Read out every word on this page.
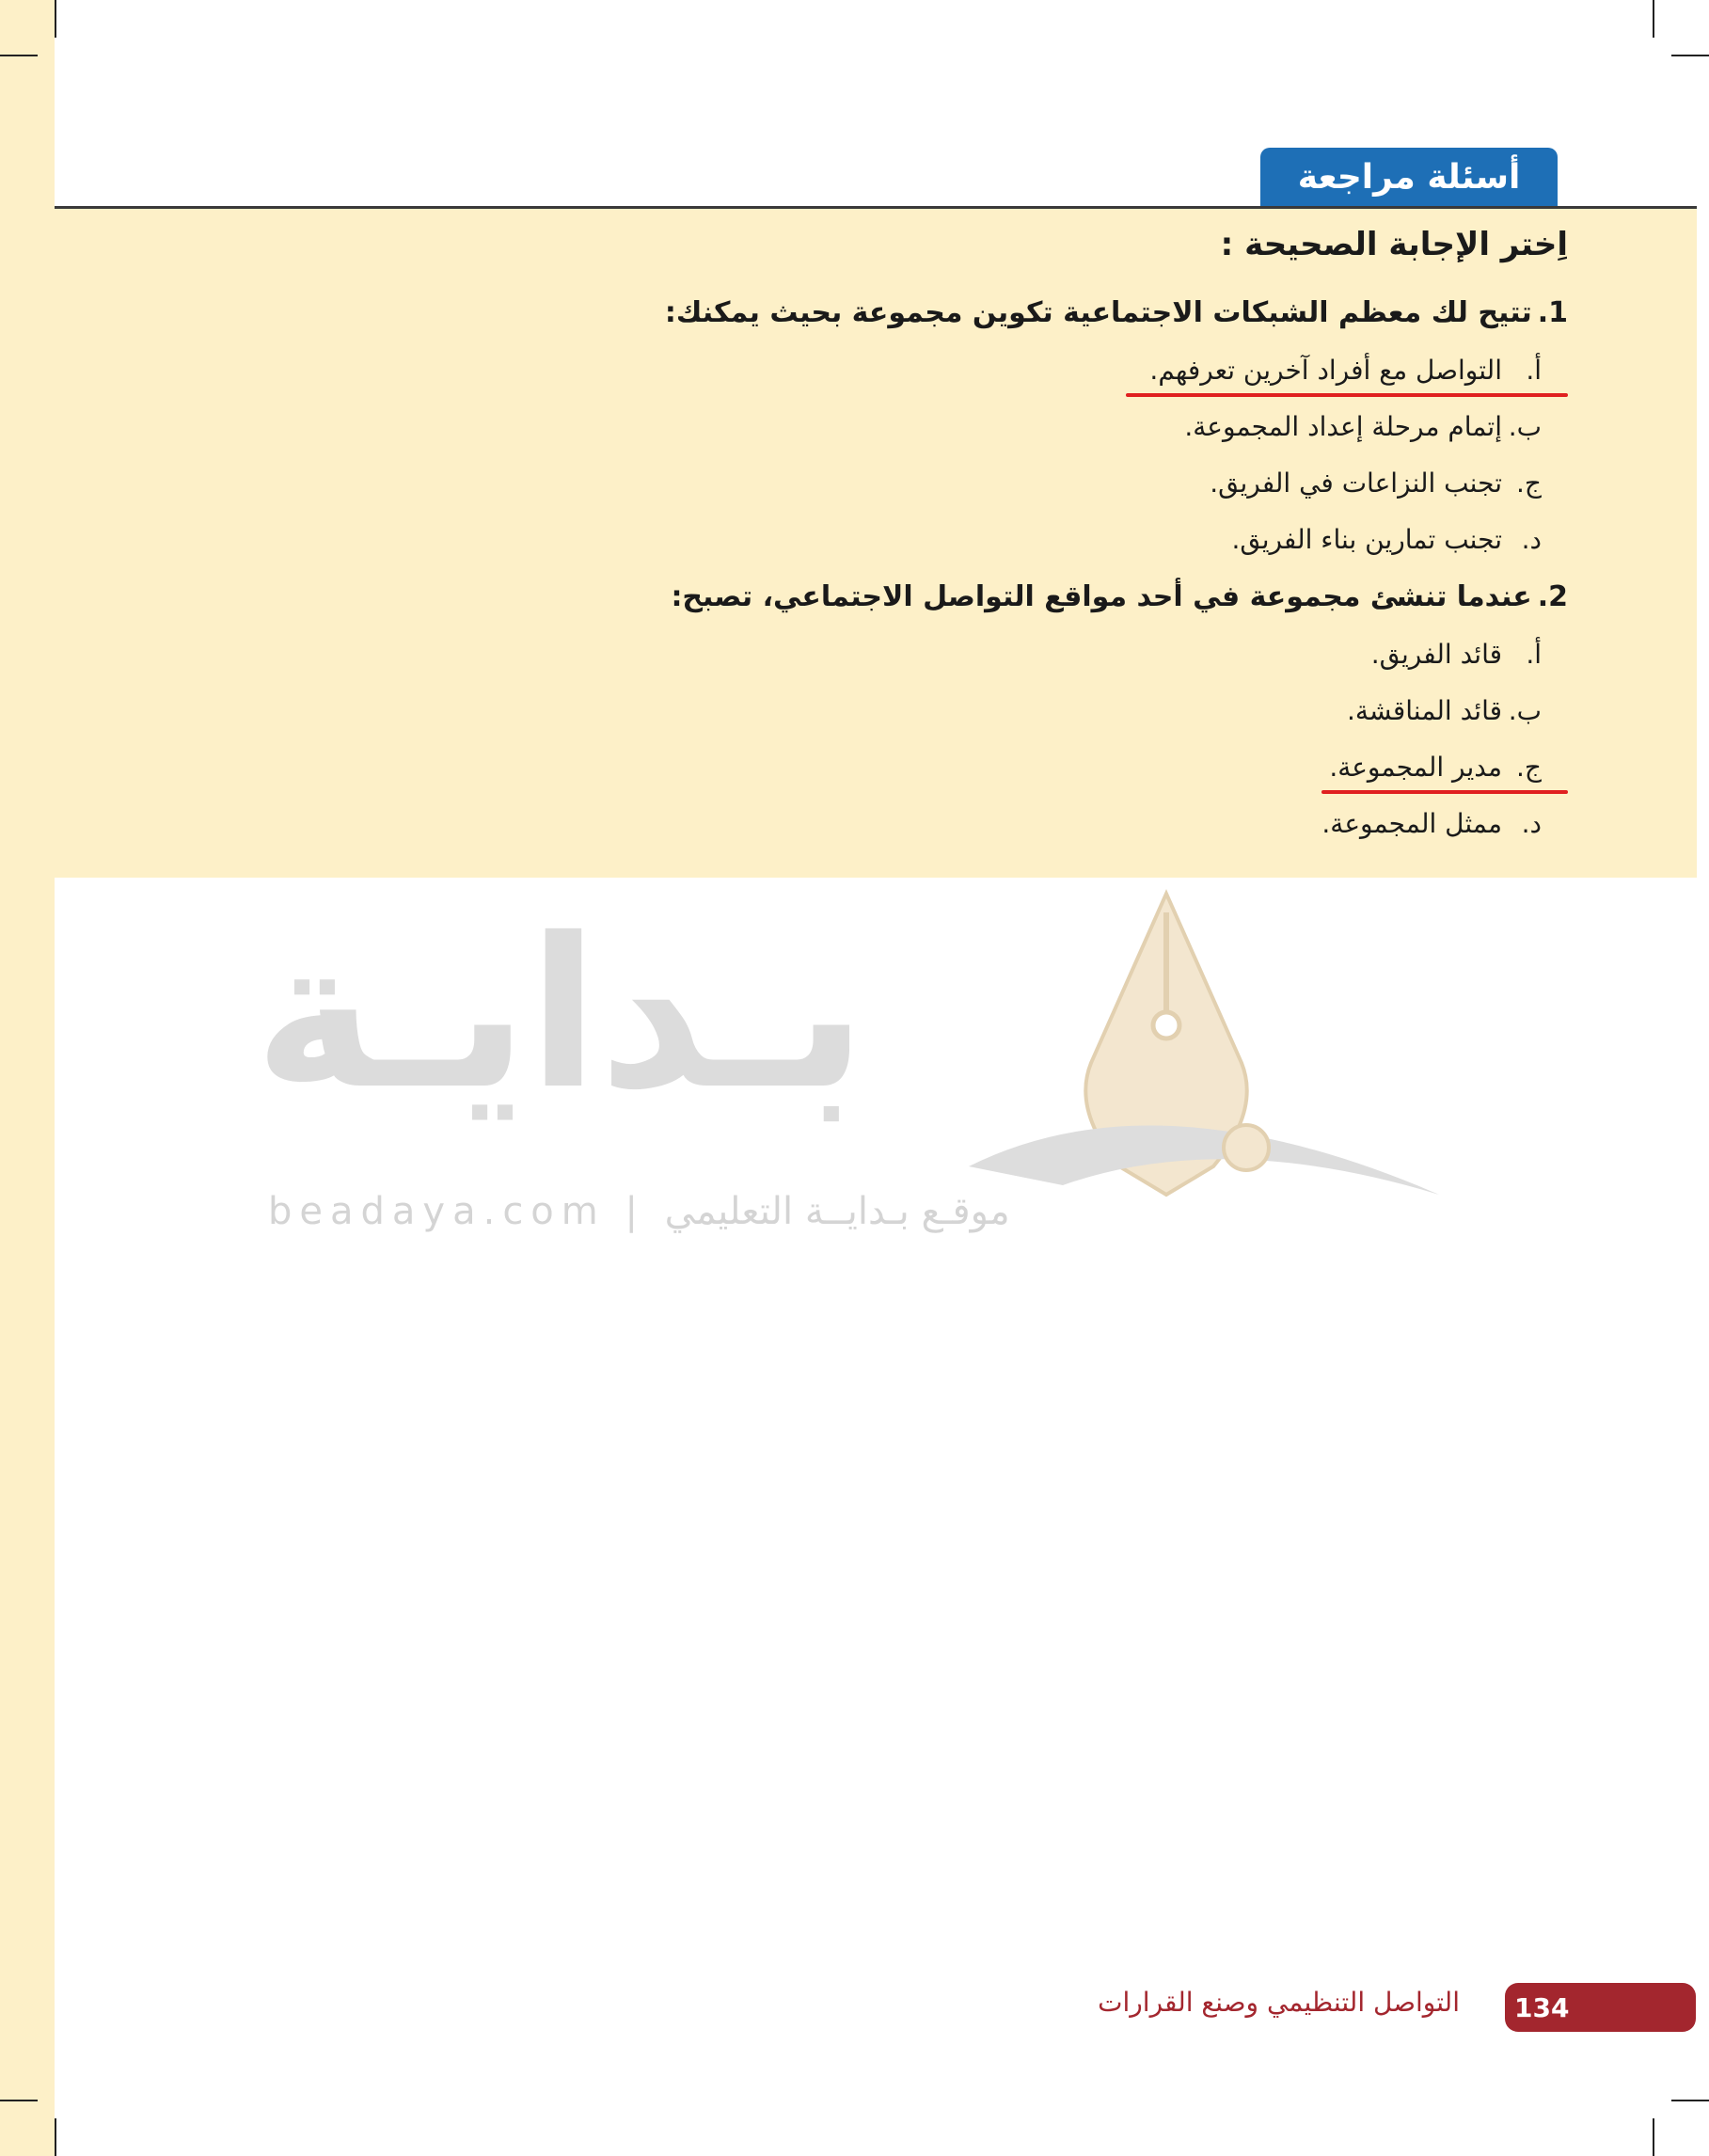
أسئلة مراجعة
اِختر الإجابة الصحيحة :
1.تتيح لك معظم الشبكات الاجتماعية تكوين مجموعة بحيث يمكنك:
أ.التواصل مع أفراد آخرين تعرفهم.
ب.إتمام مرحلة إعداد المجموعة.
ج.تجنب النزاعات في الفريق.
د.تجنب تمارين بناء الفريق.
2.عندما تنشئ مجموعة في أحد مواقع التواصل الاجتماعي، تصبح:
أ.قائد الفريق.
ب.قائد المناقشة.
ج.مدير المجموعة.
د.ممثل المجموعة.
بـدايـة
beadaya.com | موقـع بـدايــة التعليمي
134
التواصل التنظيمي وصنع القرارات
